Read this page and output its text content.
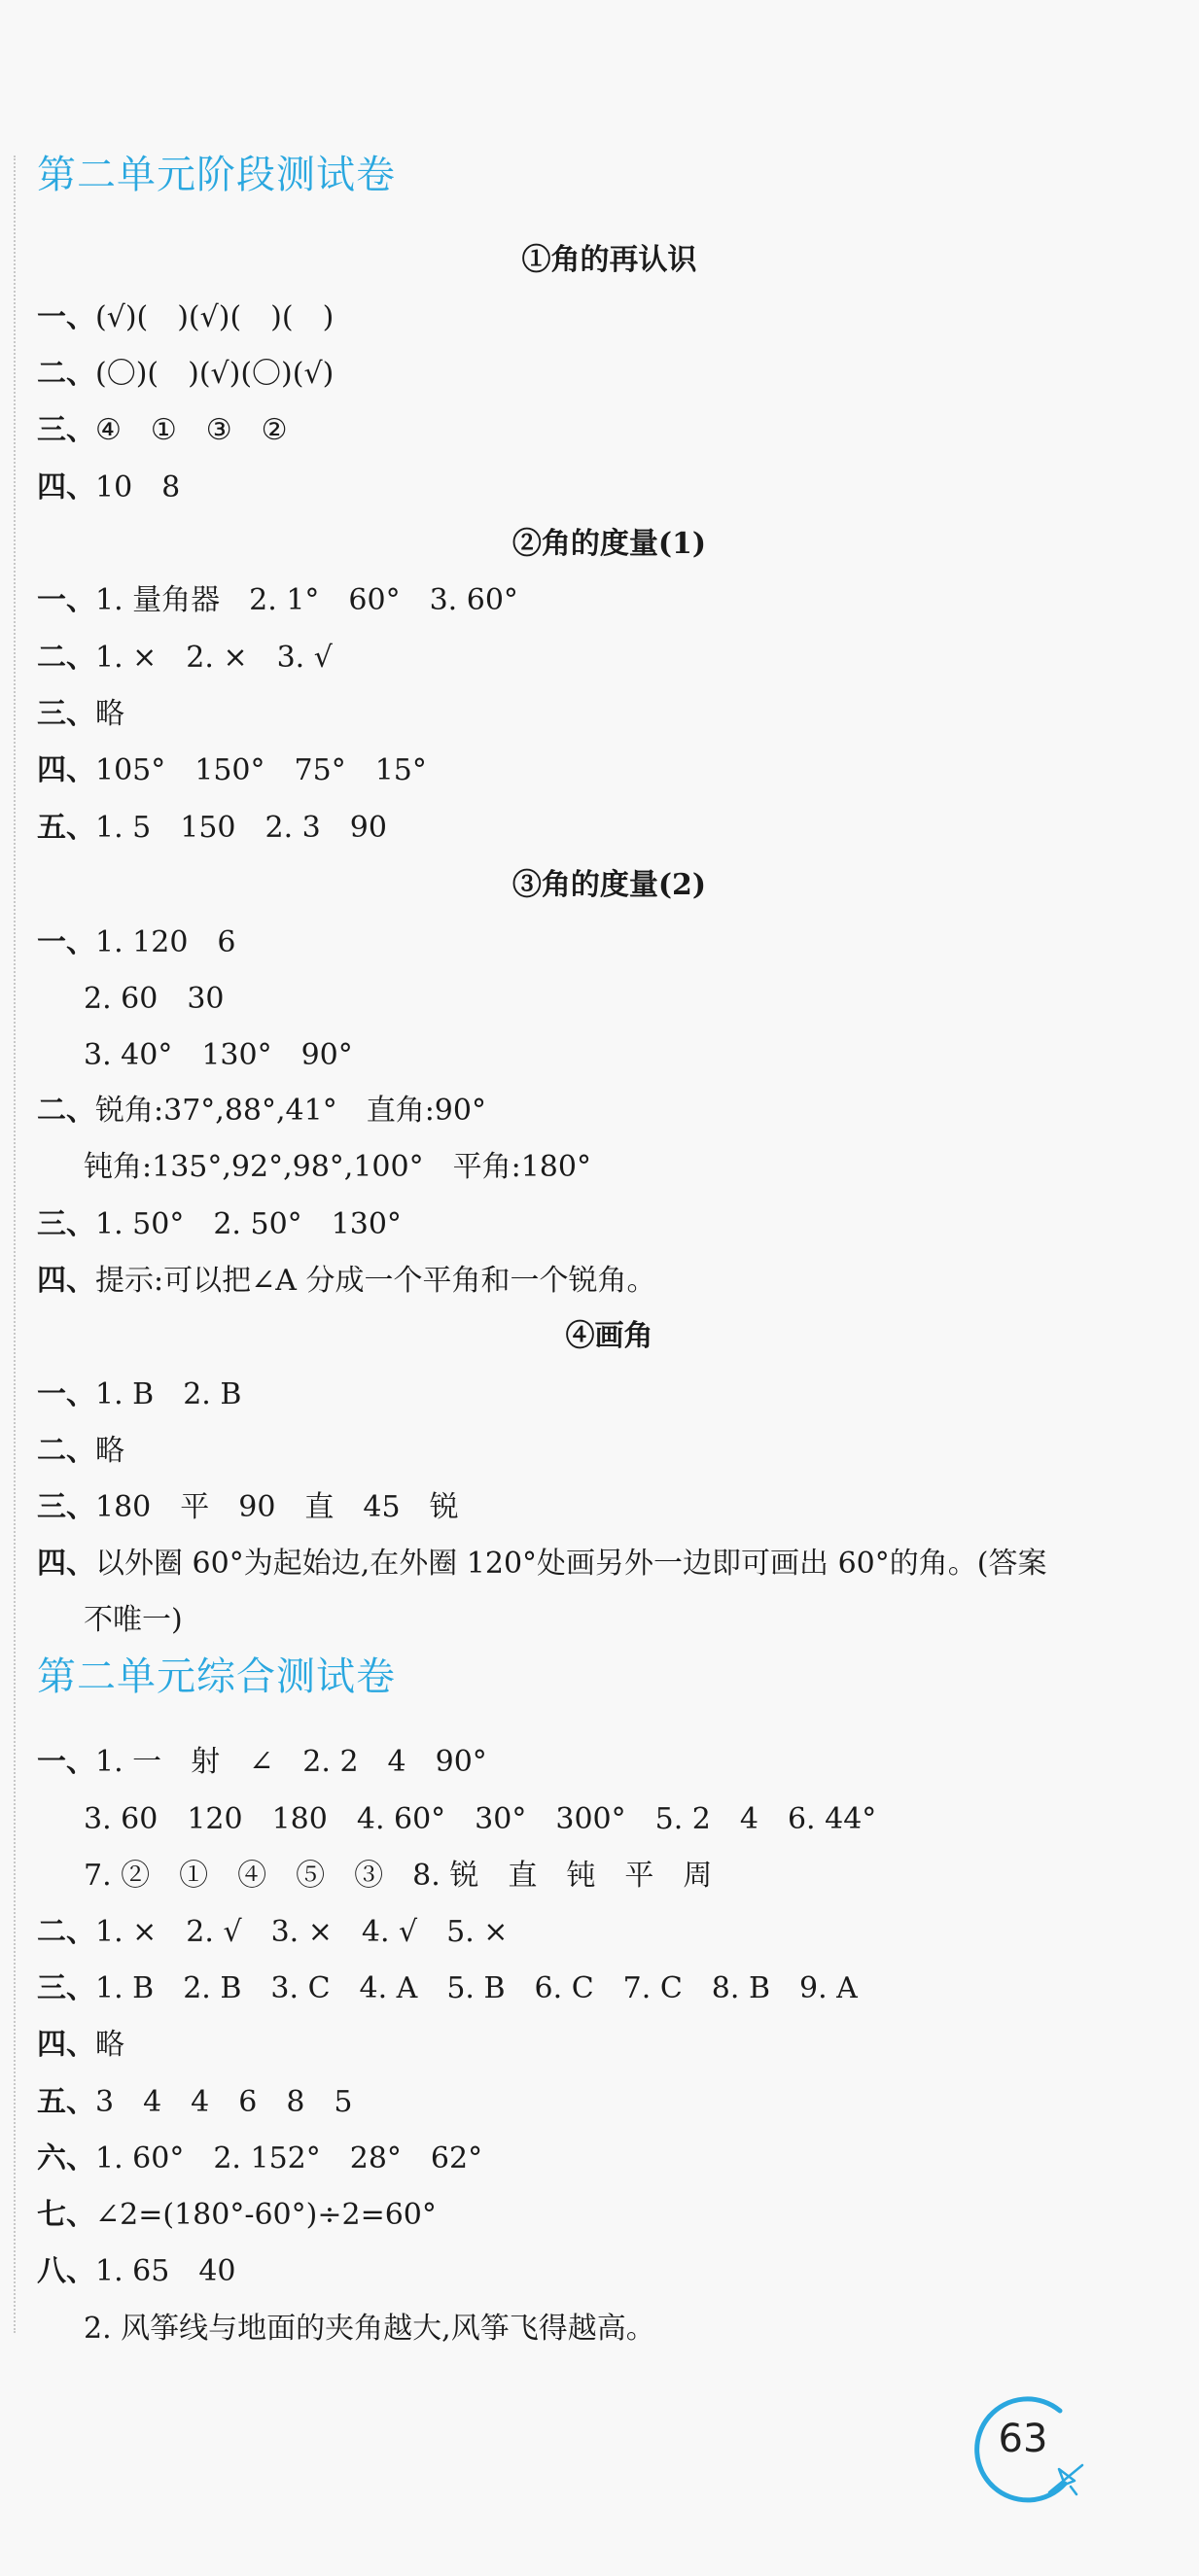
第二单元阶段测试卷
第二单元综合测试卷
①角的再认识
②角的度量(1)
③角的度量(2)
④画角
一、(√)(　)(√)(　)(　)
二、(〇)(　)(√)(〇)(√)
三、④　①　③　②
四、10　8
一、1. 量角器　2. 1°　60°　3. 60°
二、1. ×　2. ×　3. √
三、略
四、105°　150°　75°　15°
五、1. 5　150　2. 3　90
一、1. 120　6
2. 60　30
3. 40°　130°　90°
二、锐角:37°,88°,41°　直角:90°
钝角:135°,92°,98°,100°　平角:180°
三、1. 50°　2. 50°　130°
四、提示:可以把∠A 分成一个平角和一个锐角。
一、1. B　2. B
二、略
三、180　平　90　直　45　锐
四、以外圈 60°为起始边,在外圈 120°处画另外一边即可画出 60°的角。(答案
不唯一)
一、1. 一　射　∠　2. 2　4　90°
3. 60　120　180　4. 60°　30°　300°　5. 2　4　6. 44°
7. ②　①　④　⑤　③　8. 锐　直　钝　平　周
二、1. ×　2. √　3. ×　4. √　5. ×
三、1. B　2. B　3. C　4. A　5. B　6. C　7. C　8. B　9. A
四、略
五、3　4　4　6　8　5
六、1. 60°　2. 152°　28°　62°
七、∠2=(180°-60°)÷2=60°
八、1. 65　40
2. 风筝线与地面的夹角越大,风筝飞得越高。
63
